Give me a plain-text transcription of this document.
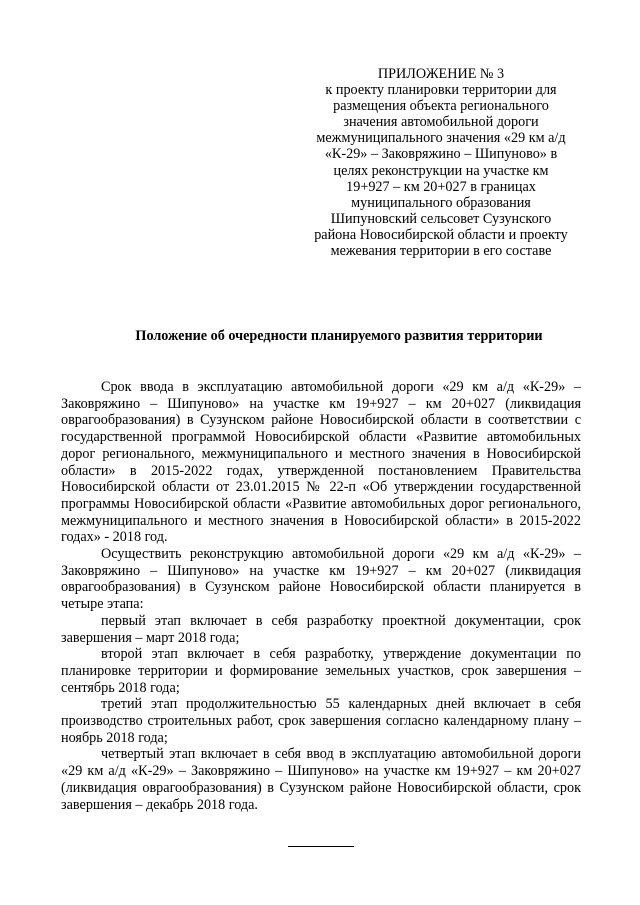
ПРИЛОЖЕНИЕ № 3
к проекту планировки территории для
размещения объекта регионального
значения автомобильной дороги
межмуниципального значения «29 км а/д
«К-29» – Заковряжино – Шипуново» в
целях реконструкции на участке км
19+927 – км 20+027 в границах
муниципального образования
Шипуновский сельсовет Сузунского
района Новосибирской области и проекту
межевания территории в его составе
Положение об очередности планируемого развития территории

Срок ввода в эксплуатацию автомобильной дороги «29 км а/д «К-29» – Заковряжино – Шипуново» на участке км 19+927 – км 20+027 (ликвидация оврагообразования) в Сузунском районе Новосибирской области в соответствии с государственной программой Новосибирской области «Развитие автомобильных дорог регионального, межмуниципального и местного значения в Новосибирской области» в 2015-2022 годах, утвержденной постановлением Правительства Новосибирской области от 23.01.2015 № 22-п «Об утверждении государственной программы Новосибирской области «Развитие автомобильных дорог регионального, межмуниципального и местного значения в Новосибирской области» в 2015-2022 годах» - 2018 год.

Осуществить реконструкцию автомобильной дороги «29 км а/д «К-29» – Заковряжино – Шипуново» на участке км 19+927 – км 20+027 (ликвидация оврагообразования) в Сузунском районе Новосибирской области планируется в четыре этапа:

первый этап включает в себя разработку проектной документации, срок завершения – март 2018 года;

второй этап включает в себя разработку, утверждение документации по планировке территории и формирование земельных участков, срок завершения – сентябрь 2018 года;

третий этап продолжительностью 55 календарных дней включает в себя производство строительных работ, срок завершения согласно календарному плану – ноябрь 2018 года;

четвертый этап включает в себя ввод в эксплуатацию автомобильной дороги «29 км а/д «К-29» – Заковряжино – Шипуново» на участке км 19+927 – км 20+027 (ликвидация оврагообразования) в Сузунском районе Новосибирской области, срок завершения – декабрь 2018 года.
